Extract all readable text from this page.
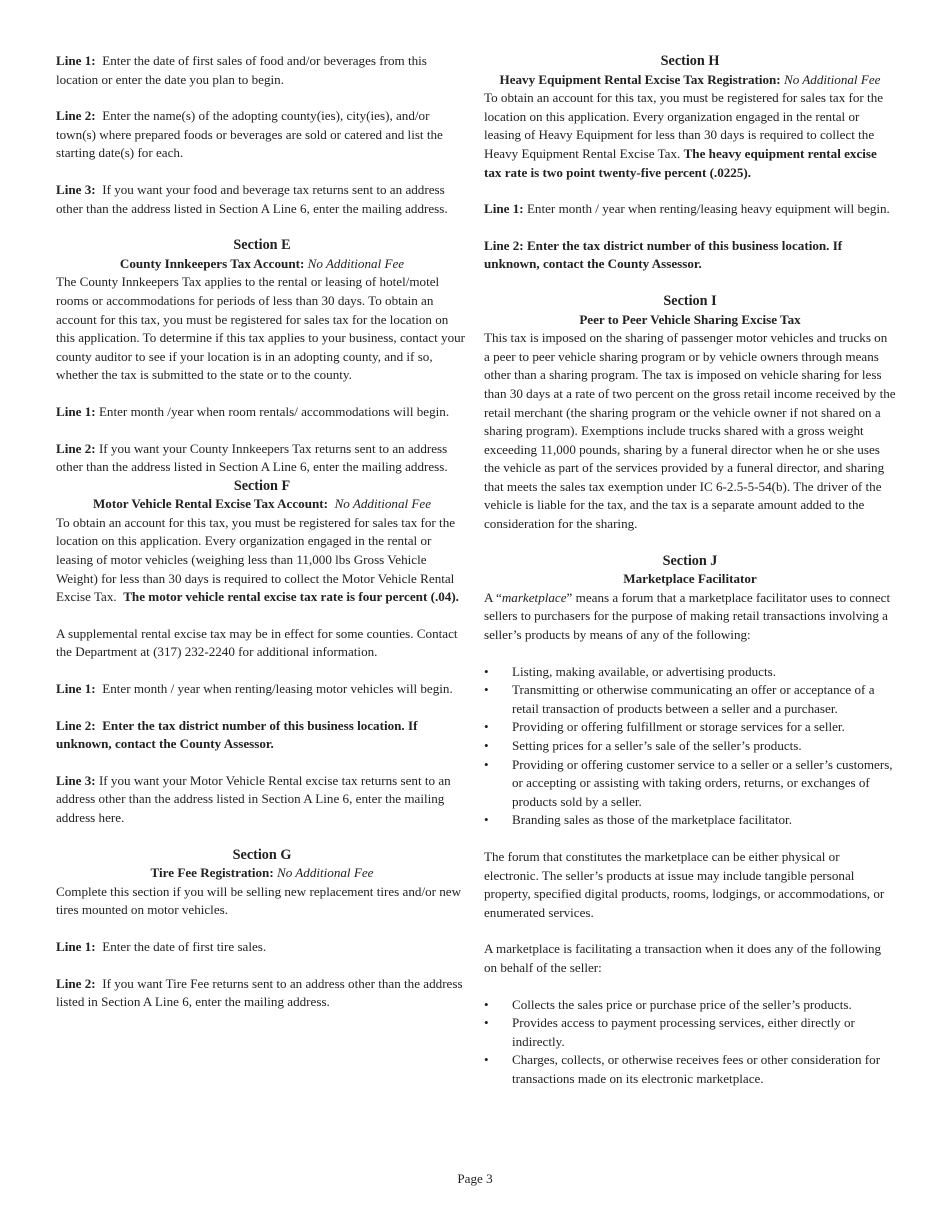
Line 1: Enter the date of first sales of food and/or beverages from this location or enter the date you plan to begin.

Line 2: Enter the name(s) of the adopting county(ies), city(ies), and/or town(s) where prepared foods or beverages are sold or catered and list the starting date(s) for each.

Line 3: If you want your food and beverage tax returns sent to an address other than the address listed in Section A Line 6, enter the mailing address.

Section E

County Innkeepers Tax Account: No Additional Fee

The County Innkeepers Tax applies to the rental or leasing of hotel/motel rooms or accommodations for periods of less than 30 days. To obtain an account for this tax, you must be registered for sales tax for the location on this application. To determine if this tax applies to your business, contact your county auditor to see if your location is in an adopting county, and if so, whether the tax is submitted to the state or to the county.

Line 1: Enter month /year when room rentals/ accommodations will begin.

Line 2: If you want your County Innkeepers Tax returns sent to an address other than the address listed in Section A Line 6, enter the mailing address.

Section F

Motor Vehicle Rental Excise Tax Account: No Additional Fee

To obtain an account for this tax, you must be registered for sales tax for the location on this application. Every organization engaged in the rental or leasing of motor vehicles (weighing less than 11,000 lbs Gross Vehicle Weight) for less than 30 days is required to collect the Motor Vehicle Rental Excise Tax. The motor vehicle rental excise tax rate is four percent (.04).

A supplemental rental excise tax may be in effect for some counties. Contact the Department at (317) 232-2240 for additional information.

Line 1: Enter month / year when renting/leasing motor vehicles will begin.

Line 2: Enter the tax district number of this business location. If unknown, contact the County Assessor.

Line 3: If you want your Motor Vehicle Rental excise tax returns sent to an address other than the address listed in Section A Line 6, enter the mailing address here.

Section G

Tire Fee Registration: No Additional Fee

Complete this section if you will be selling new replacement tires and/or new tires mounted on motor vehicles.

Line 1: Enter the date of first tire sales.

Line 2: If you want Tire Fee returns sent to an address other than the address listed in Section A Line 6, enter the mailing address.

Section H

Heavy Equipment Rental Excise Tax Registration: No Additional Fee

To obtain an account for this tax, you must be registered for sales tax for the location on this application. Every organization engaged in the rental or leasing of Heavy Equipment for less than 30 days is required to collect the Heavy Equipment Rental Excise Tax. The heavy equipment rental excise tax rate is two point twenty-five percent (.0225).

Line 1: Enter month / year when renting/leasing heavy equipment will begin.

Line 2: Enter the tax district number of this business location. If unknown, contact the County Assessor.

Section I

Peer to Peer Vehicle Sharing Excise Tax

This tax is imposed on the sharing of passenger motor vehicles and trucks on a peer to peer vehicle sharing program or by vehicle owners through means other than a sharing program. The tax is imposed on vehicle sharing for less than 30 days at a rate of two percent on the gross retail income received by the retail merchant (the sharing program or the vehicle owner if not shared on a sharing program). Exemptions include trucks shared with a gross weight exceeding 11,000 pounds, sharing by a funeral director when he or she uses the vehicle as part of the services provided by a funeral director, and sharing that meets the sales tax exemption under IC 6-2.5-5-54(b). The driver of the vehicle is liable for the tax, and the tax is a separate amount added to the consideration for the sharing.

Section J

Marketplace Facilitator

A “marketplace” means a forum that a marketplace facilitator uses to connect sellers to purchasers for the purpose of making retail transactions involving a seller’s products by means of any of the following:

• Listing, making available, or advertising products.
• Transmitting or otherwise communicating an offer or acceptance of a retail transaction of products between a seller and a purchaser.
• Providing or offering fulfillment or storage services for a seller.
• Setting prices for a seller’s sale of the seller’s products.
• Providing or offering customer service to a seller or a seller’s customers, or accepting or assisting with taking orders, returns, or exchanges of products sold by a seller.
• Branding sales as those of the marketplace facilitator.

The forum that constitutes the marketplace can be either physical or electronic. The seller’s products at issue may include tangible personal property, specified digital products, rooms, lodgings, or accommodations, or enumerated services.

A marketplace is facilitating a transaction when it does any of the following on behalf of the seller:

• Collects the sales price or purchase price of the seller’s products.
• Provides access to payment processing services, either directly or indirectly.
• Charges, collects, or otherwise receives fees or other consideration for transactions made on its electronic marketplace.
Page 3
